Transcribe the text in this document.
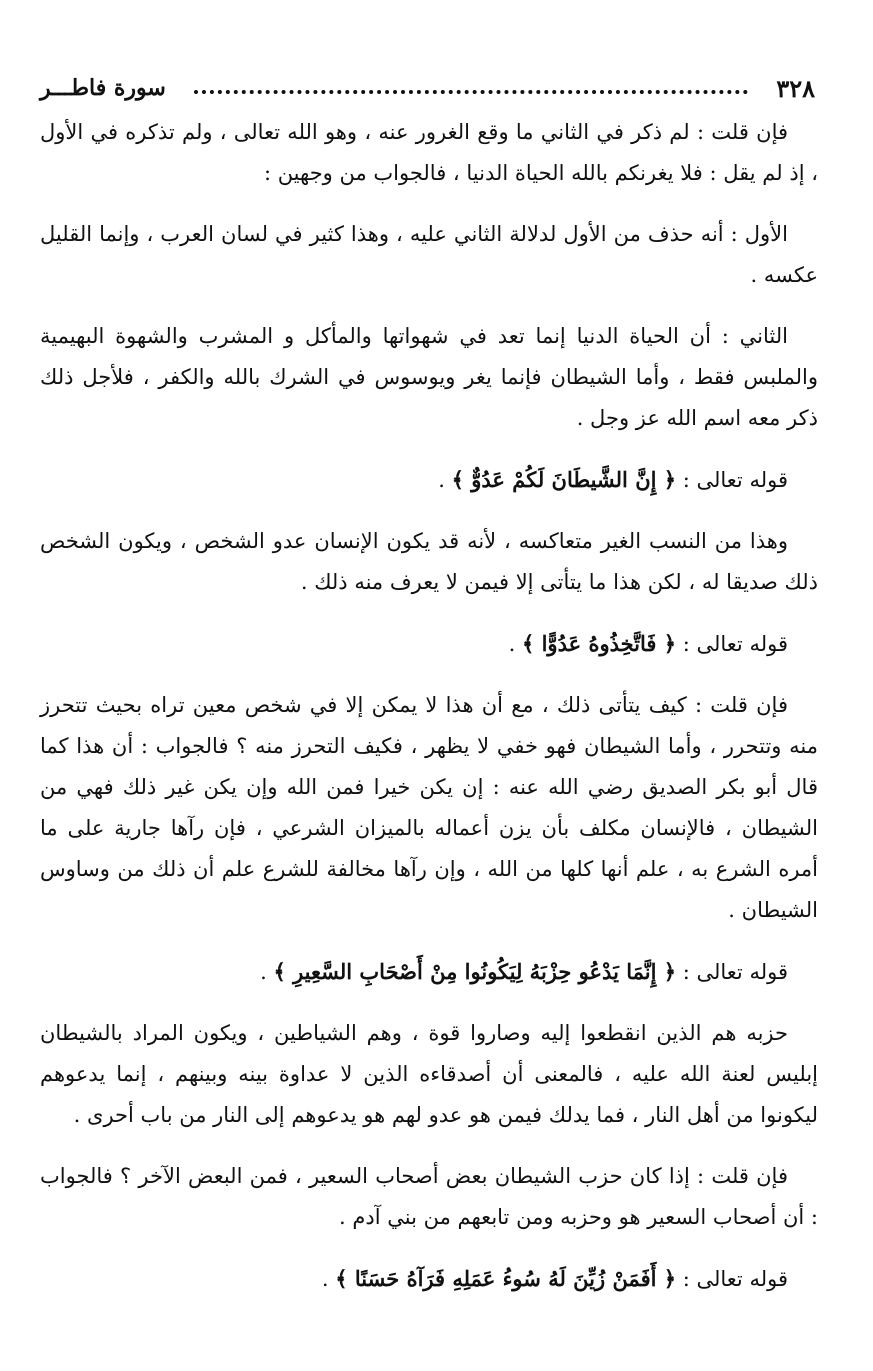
٣٢٨
سورة فاطـــر

فإن قلت : لم ذكر في الثاني ما وقع الغرور عنه ، وهو الله تعالى ، ولم تذكره في الأول ، إذ لم يقل : فلا يغرنكم بالله الحياة الدنيا ، فالجواب من وجهين :

الأول : أنه حذف من الأول لدلالة الثاني عليه ، وهذا كثير في لسان العرب ، وإنما القليل عكسه .

الثاني : أن الحياة الدنيا إنما تعد في شهواتها والمأكل و المشرب والشهوة البهيمية والملبس فقط ، وأما الشيطان فإنما يغر ويوسوس في الشرك بالله والكفر ، فلأجل ذلك ذكر معه اسم الله عز وجل .

قوله تعالى : ﴿ إِنَّ الشَّيطَانَ لَكُمْ عَدُوٌّ ﴾ .

وهذا من النسب الغير متعاكسه ، لأنه قد يكون الإنسان عدو الشخص ، ويكون الشخص ذلك صديقا له ، لكن هذا ما يتأتى إلا فيمن لا يعرف منه ذلك .

قوله تعالى : ﴿ فَاتَّخِذُوهُ عَدُوًّا ﴾ .

فإن قلت : كيف يتأتى ذلك ، مع أن هذا لا يمكن إلا في شخص معين تراه بحيث تتحرز منه وتتحرر ، وأما الشيطان فهو خفي لا يظهر ، فكيف التحرز منه ؟ فالجواب : أن هذا كما قال أبو بكر الصديق رضي الله عنه : إن يكن خيرا فمن الله وإن يكن غير ذلك فهي من الشيطان ، فالإنسان مكلف بأن يزن أعماله بالميزان الشرعي ، فإن رآها جارية على ما أمره الشرع به ، علم أنها كلها من الله ، وإن رآها مخالفة للشرع علم أن ذلك من وساوس الشيطان .

قوله تعالى : ﴿ إِنَّمَا يَدْعُو حِزْبَهُ لِيَكُونُوا مِنْ أَصْحَابِ السَّعِيرِ ﴾ .

حزبه هم الذين انقطعوا إليه وصاروا قوة ، وهم الشياطين ، ويكون المراد بالشيطان إبليس لعنة الله عليه ، فالمعنى أن أصدقاءه الذين لا عداوة بينه وبينهم ، إنما يدعوهم ليكونوا من أهل النار ، فما يدلك فيمن هو عدو لهم هو يدعوهم إلى النار من باب أحرى .

فإن قلت : إذا كان حزب الشيطان بعض أصحاب السعير ، فمن البعض الآخر ؟ فالجواب : أن أصحاب السعير هو وحزبه ومن تابعهم من بني آدم .

قوله تعالى : ﴿ أَفَمَنْ زُيِّنَ لَهُ سُوءُ عَمَلِهِ فَرَآهُ حَسَنًا ﴾ .
